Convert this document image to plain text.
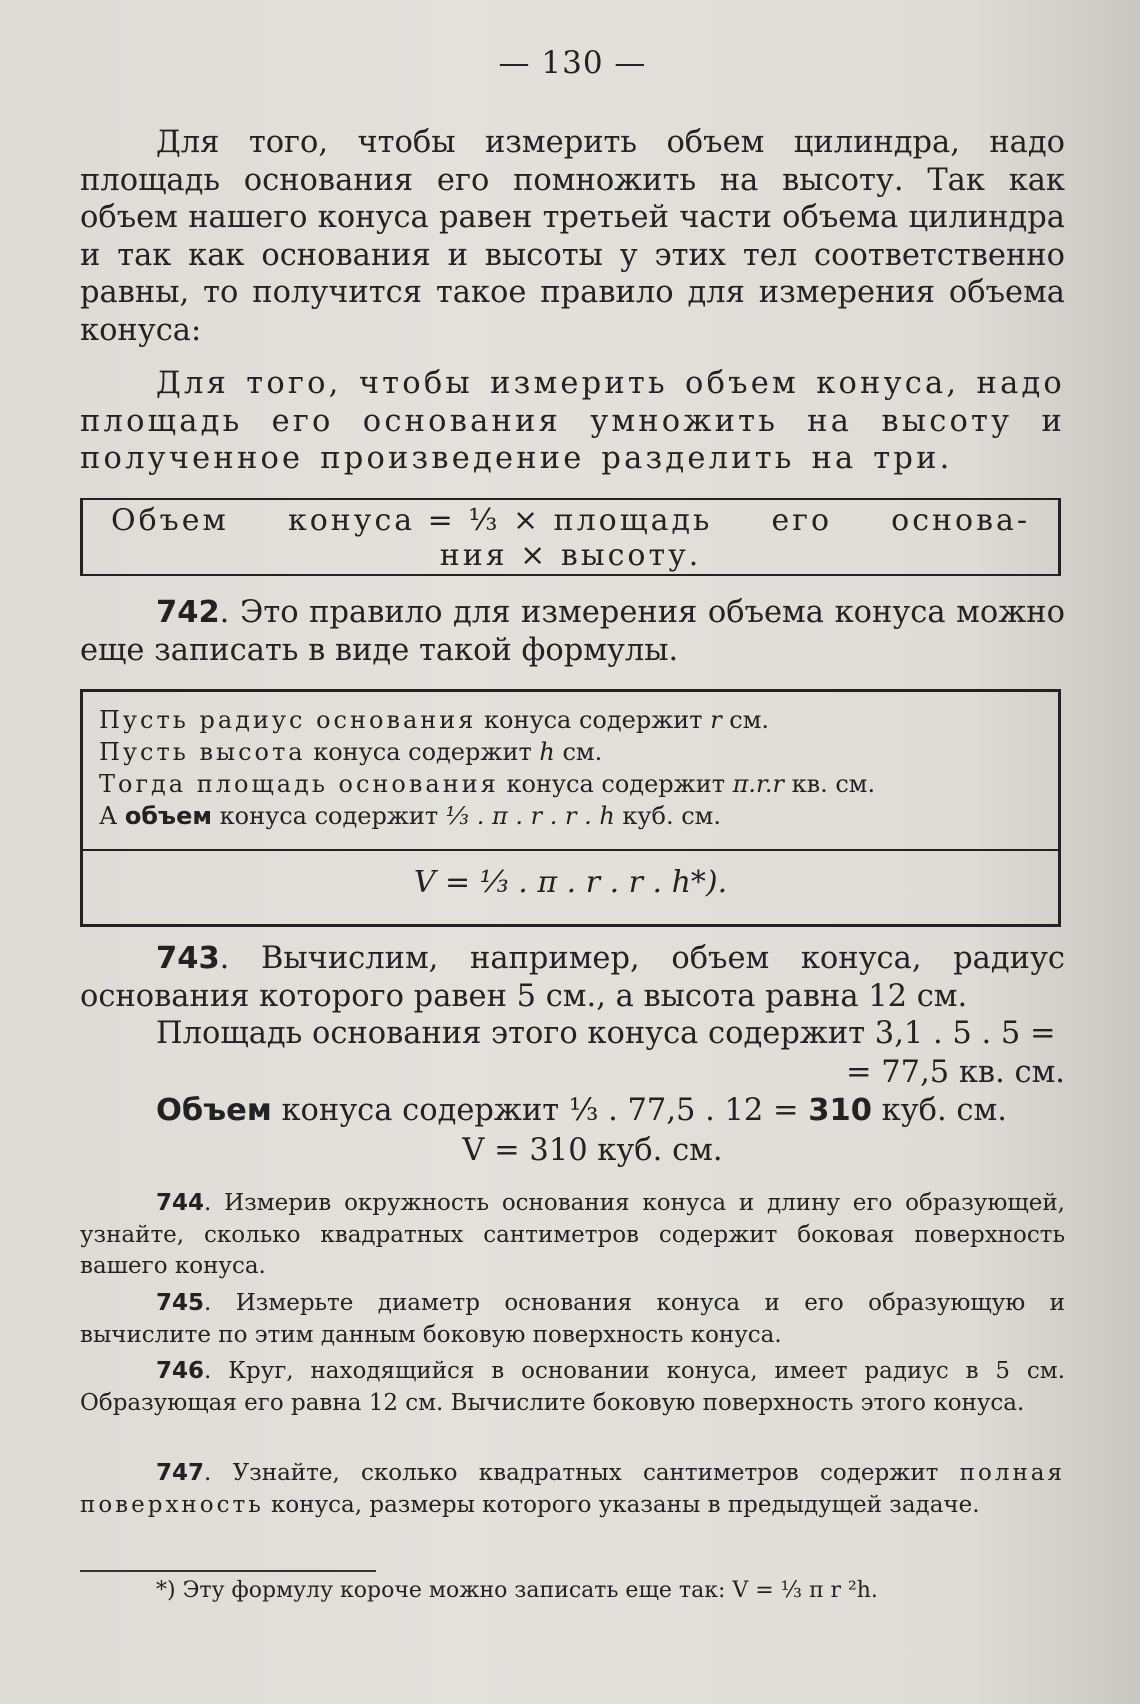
— 130 —
Для того, чтобы измерить объем цилиндра, надо площадь основания его помножить на высоту. Так как объем нашего конуса равен третьей части объема цилиндра и так как основания и высоты у этих тел соответственно равны, то получится такое правило для измерения объема конуса:
Для того, чтобы измерить объем конуса, надо площадь его основания умножить на высоту и полученное произведение разделить на три.
Объем конуса = ⅓ × площадь его основа-
ния × высоту.
742. Это правило для измерения объема конуса можно еще записать в виде такой формулы.
Пусть радиус основания конуса содержит r см.
Пусть высота конуса содержит h см.
Тогда площадь основания конуса содержит π.r.r кв. см.
А объем конуса содержит ⅓ . π . r . r . h куб. см.
V = ⅓ . π . r . r . h*).
743. Вычислим, например, объем конуса, радиус основания которого равен 5 см., а высота равна 12 см.
Площадь основания этого конуса содержит 3,1 . 5 . 5 =
= 77,5 кв. см.
Объем конуса содержит ⅓ . 77,5 . 12 = 310 куб. см.
V = 310 куб. см.
744. Измерив окружность основания конуса и длину его образующей, узнайте, сколько квадратных сантиметров содержит боковая поверхность вашего конуса.
745. Измерьте диаметр основания конуса и его образующую и вычислите по этим данным боковую поверхность конуса.
746. Круг, находящийся в основании конуса, имеет радиус в 5 см. Образующая его равна 12 см. Вычислите боковую поверхность этого конуса.
747. Узнайте, сколько квадратных сантиметров содержит полная поверхность конуса, размеры которого указаны в предыдущей задаче.
*) Эту формулу короче можно записать еще так: V = ⅓ π r ²h.
